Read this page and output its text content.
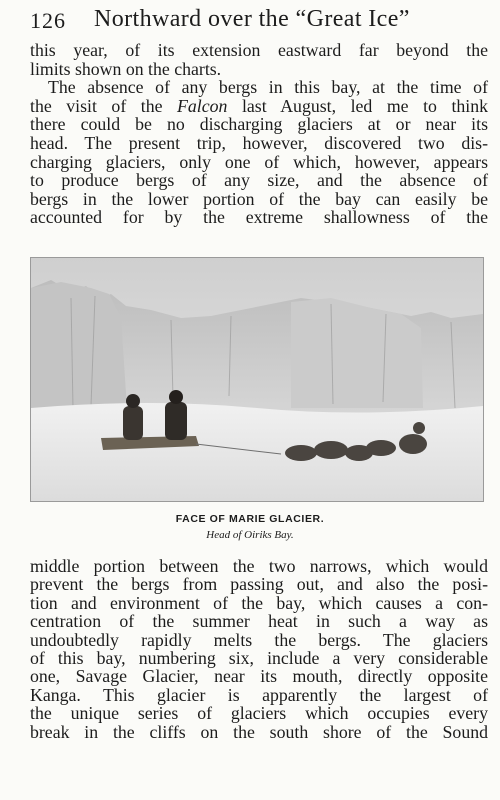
126 Northward over the “Great Ice”
this year, of its extension eastward far beyond the
limits shown on the charts.
The absence of any bergs in this bay, at the time of
the visit of the Falcon last August, led me to think
there could be no discharging glaciers at or near its
head. The present trip, however, discovered two dis-
charging glaciers, only one of which, however, appears
to produce bergs of any size, and the absence of
bergs in the lower portion of the bay can easily be
accounted for by the extreme shallowness of the
FACE OF MARIE GLACIER.
Head of Oiriks Bay.
middle portion between the two narrows, which would
prevent the bergs from passing out, and also the posi-
tion and environment of the bay, which causes a con-
centration of the summer heat in such a way as
undoubtedly rapidly melts the bergs. The glaciers
of this bay, numbering six, include a very considerable
one, Savage Glacier, near its mouth, directly opposite
Kanga. This glacier is apparently the largest of
the unique series of glaciers which occupies every
break in the cliffs on the south shore of the Sound
